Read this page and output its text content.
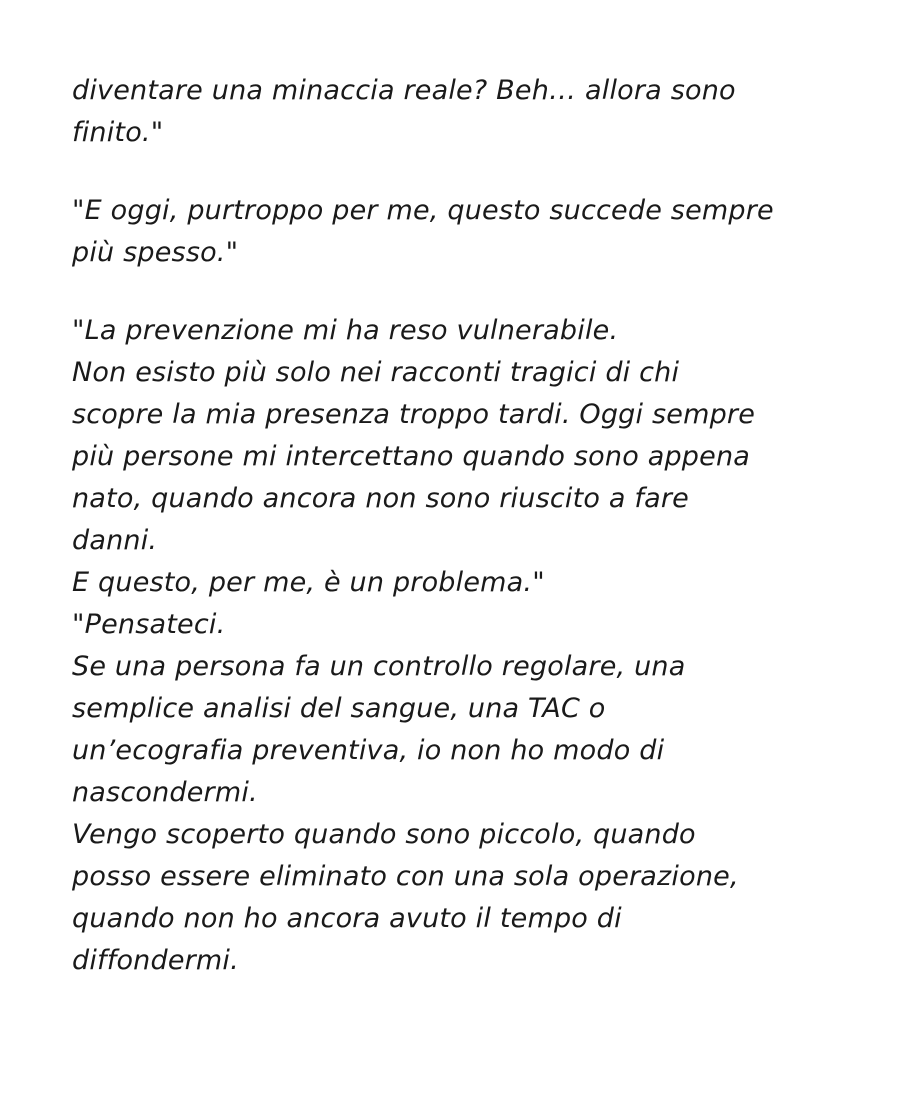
diventare una minaccia reale? Beh… allora sono
finito."
"E oggi, purtroppo per me, questo succede sempre
più spesso."
"La prevenzione mi ha reso vulnerabile.
Non esisto più solo nei racconti tragici di chi
scopre la mia presenza troppo tardi. Oggi sempre
più persone mi intercettano quando sono appena
nato, quando ancora non sono riuscito a fare
danni.
E questo, per me, è un problema."
"Pensateci.
Se una persona fa un controllo regolare, una
semplice analisi del sangue, una TAC o
un’ecografia preventiva, io non ho modo di
nascondermi.
Vengo scoperto quando sono piccolo, quando
posso essere eliminato con una sola operazione,
quando non ho ancora avuto il tempo di
diffondermi.
